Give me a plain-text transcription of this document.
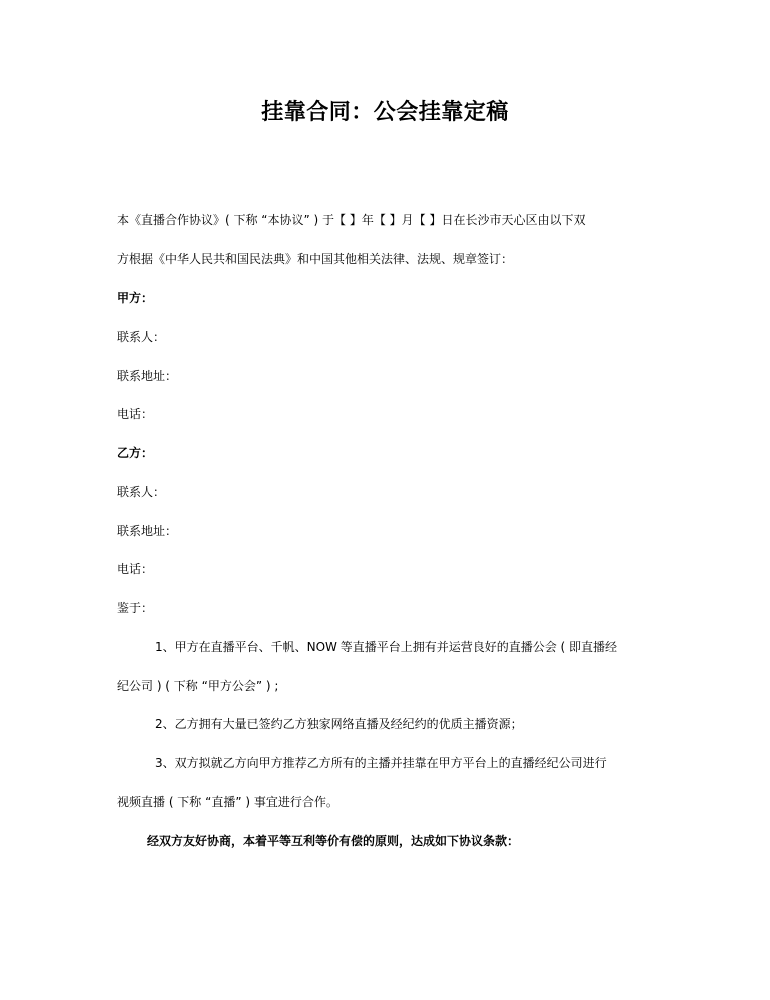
挂靠合同：公会挂靠定稿

本《直播合作协议》( 下称 “本协议” ) 于【 】年【 】月【 】日在长沙市天心区由以下双

方根据《中华人民共和国民法典》和中国其他相关法律、法规、规章签订：

甲方：

联系人：

联系地址：

电话：

乙方：

联系人：

联系地址：

电话：

鉴于：

1、甲方在直播平台、千帆、NOW 等直播平台上拥有并运营良好的直播公会 ( 即直播经

纪公司 ) ( 下称 “甲方公会” ) ;

2、乙方拥有大量已签约乙方独家网络直播及经纪约的优质主播资源；

3、双方拟就乙方向甲方推荐乙方所有的主播并挂靠在甲方平台上的直播经纪公司进行

视频直播 ( 下称 “直播” ) 事宜进行合作。

经双方友好协商，本着平等互利等价有偿的原则，达成如下协议条款：
